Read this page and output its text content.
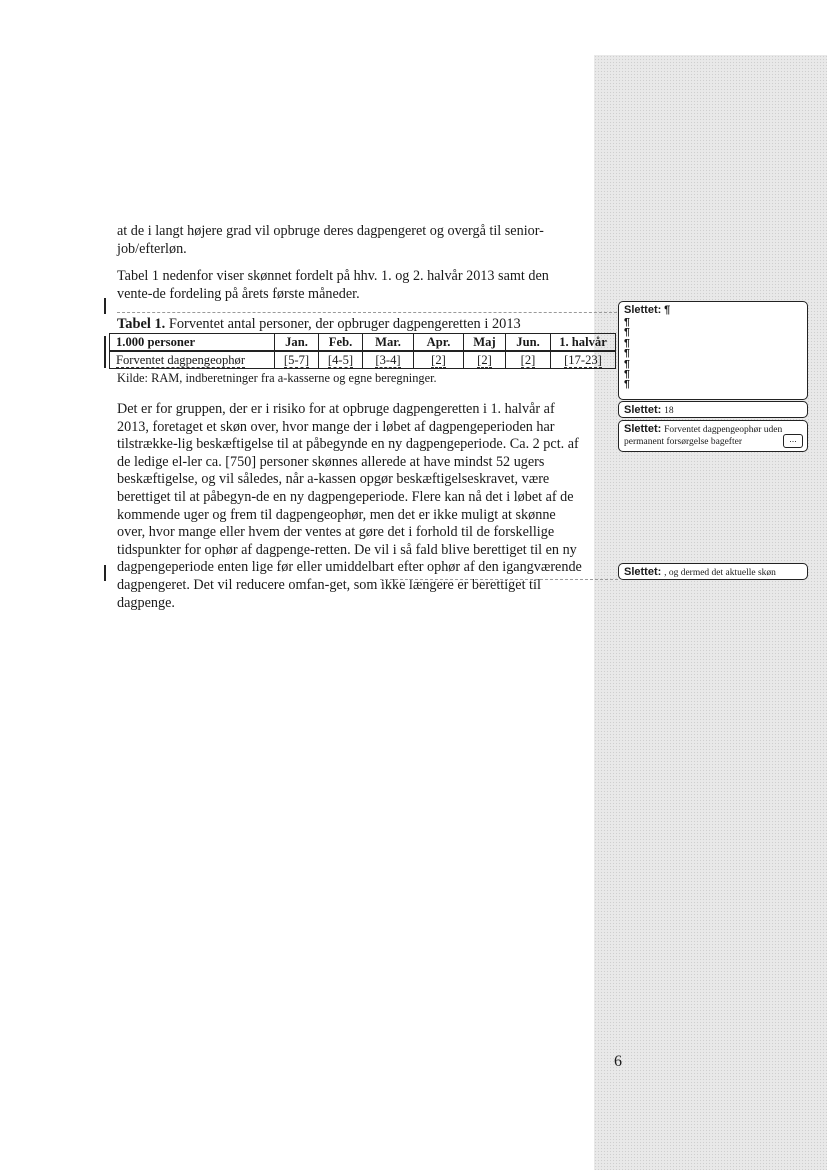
at de i langt højere grad vil opbruge deres dagpengeret og overgå til senior-job/efterløn.

Tabel 1 nedenfor viser skønnet fordelt på hhv. 1. og 2. halvår 2013 samt den vente-de fordeling på årets første måneder.

Tabel 1. Forventet antal personer, der opbruger dagpengeretten i 2013
1.000 personer	Jan.	Feb.	Mar.	Apr.	Maj	Jun.	1. halvår
Forventet dagpengeophør	[5-7]	[4-5]	[3-4]	[2]	[2]	[2]	[17-23]
Kilde: RAM, indberetninger fra a-kasserne og egne beregninger.

Det er for gruppen, der er i risiko for at opbruge dagpengeretten i 1. halvår af 2013, foretaget et skøn over, hvor mange der i løbet af dagpengeperioden har tilstrække-lig beskæftigelse til at påbegynde en ny dagpengeperiode. Ca. 2 pct. af de ledige el-ler ca. [750] personer skønnes allerede at have mindst 52 ugers beskæftigelse, og vil således, når a-kassen opgør beskæftigelseskravet, være berettiget til at påbegyn-de en ny dagpengeperiode. Flere kan nå det i løbet af de kommende uger og frem til dagpengeophør, men det er ikke muligt at skønne over, hvor mange eller hvem der ventes at gøre det i forhold til de forskellige tidspunkter for ophør af dagpenge-retten. De vil i så fald blive berettiget til en ny dagpengeperiode enten lige før eller umiddelbart efter ophør af den igangværende dagpengeret. Det vil reducere omfan-get, som ikke længere er berettiget til dagpenge.

Slettet: ¶
¶
¶
¶
¶
¶
¶
¶
Slettet: 18
Slettet: Forventet dagpengeophør uden permanent forsørgelse bagefter	...
Slettet: , og dermed det aktuelle skøn
6
